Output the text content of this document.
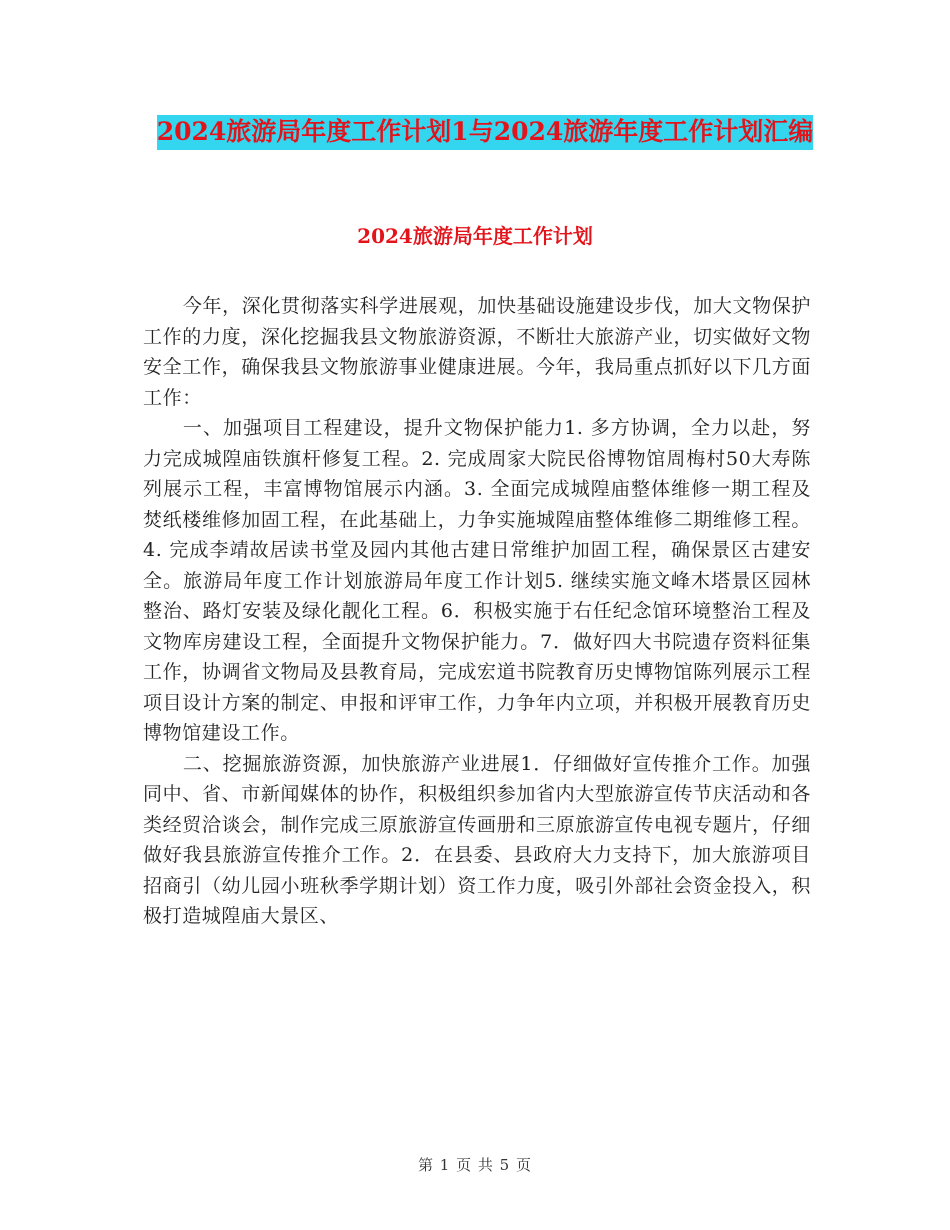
2024旅游局年度工作计划1与2024旅游年度工作计划汇编
2024旅游局年度工作计划

今年，深化贯彻落实科学进展观，加快基础设施建设步伐，加大文物保护工作的力度，深化挖掘我县文物旅游资源，不断壮大旅游产业，切实做好文物安全工作，确保我县文物旅游事业健康进展。今年，我局重点抓好以下几方面工作：

一、加强项目工程建设，提升文物保护能力1. 多方协调，全力以赴，努力完成城隍庙铁旗杆修复工程。2. 完成周家大院民俗博物馆周梅村50大寿陈列展示工程，丰富博物馆展示内涵。3. 全面完成城隍庙整体维修一期工程及焚纸楼维修加固工程，在此基础上，力争实施城隍庙整体维修二期维修工程。4. 完成李靖故居读书堂及园内其他古建日常维护加固工程，确保景区古建安全。旅游局年度工作计划旅游局年度工作计划5. 继续实施文峰木塔景区园林整治、路灯安装及绿化靓化工程。6．积极实施于右任纪念馆环境整治工程及文物库房建设工程，全面提升文物保护能力。7．做好四大书院遗存资料征集工作，协调省文物局及县教育局，完成宏道书院教育历史博物馆陈列展示工程项目设计方案的制定、申报和评审工作，力争年内立项，并积极开展教育历史博物馆建设工作。

二、挖掘旅游资源，加快旅游产业进展1．仔细做好宣传推介工作。加强同中、省、市新闻媒体的协作，积极组织参加省内大型旅游宣传节庆活动和各类经贸洽谈会，制作完成三原旅游宣传画册和三原旅游宣传电视专题片，仔细做好我县旅游宣传推介工作。2．在县委、县政府大力支持下，加大旅游项目招商引（幼儿园小班秋季学期计划）资工作力度，吸引外部社会资金投入，积极打造城隍庙大景区、

第 1 页 共 5 页
